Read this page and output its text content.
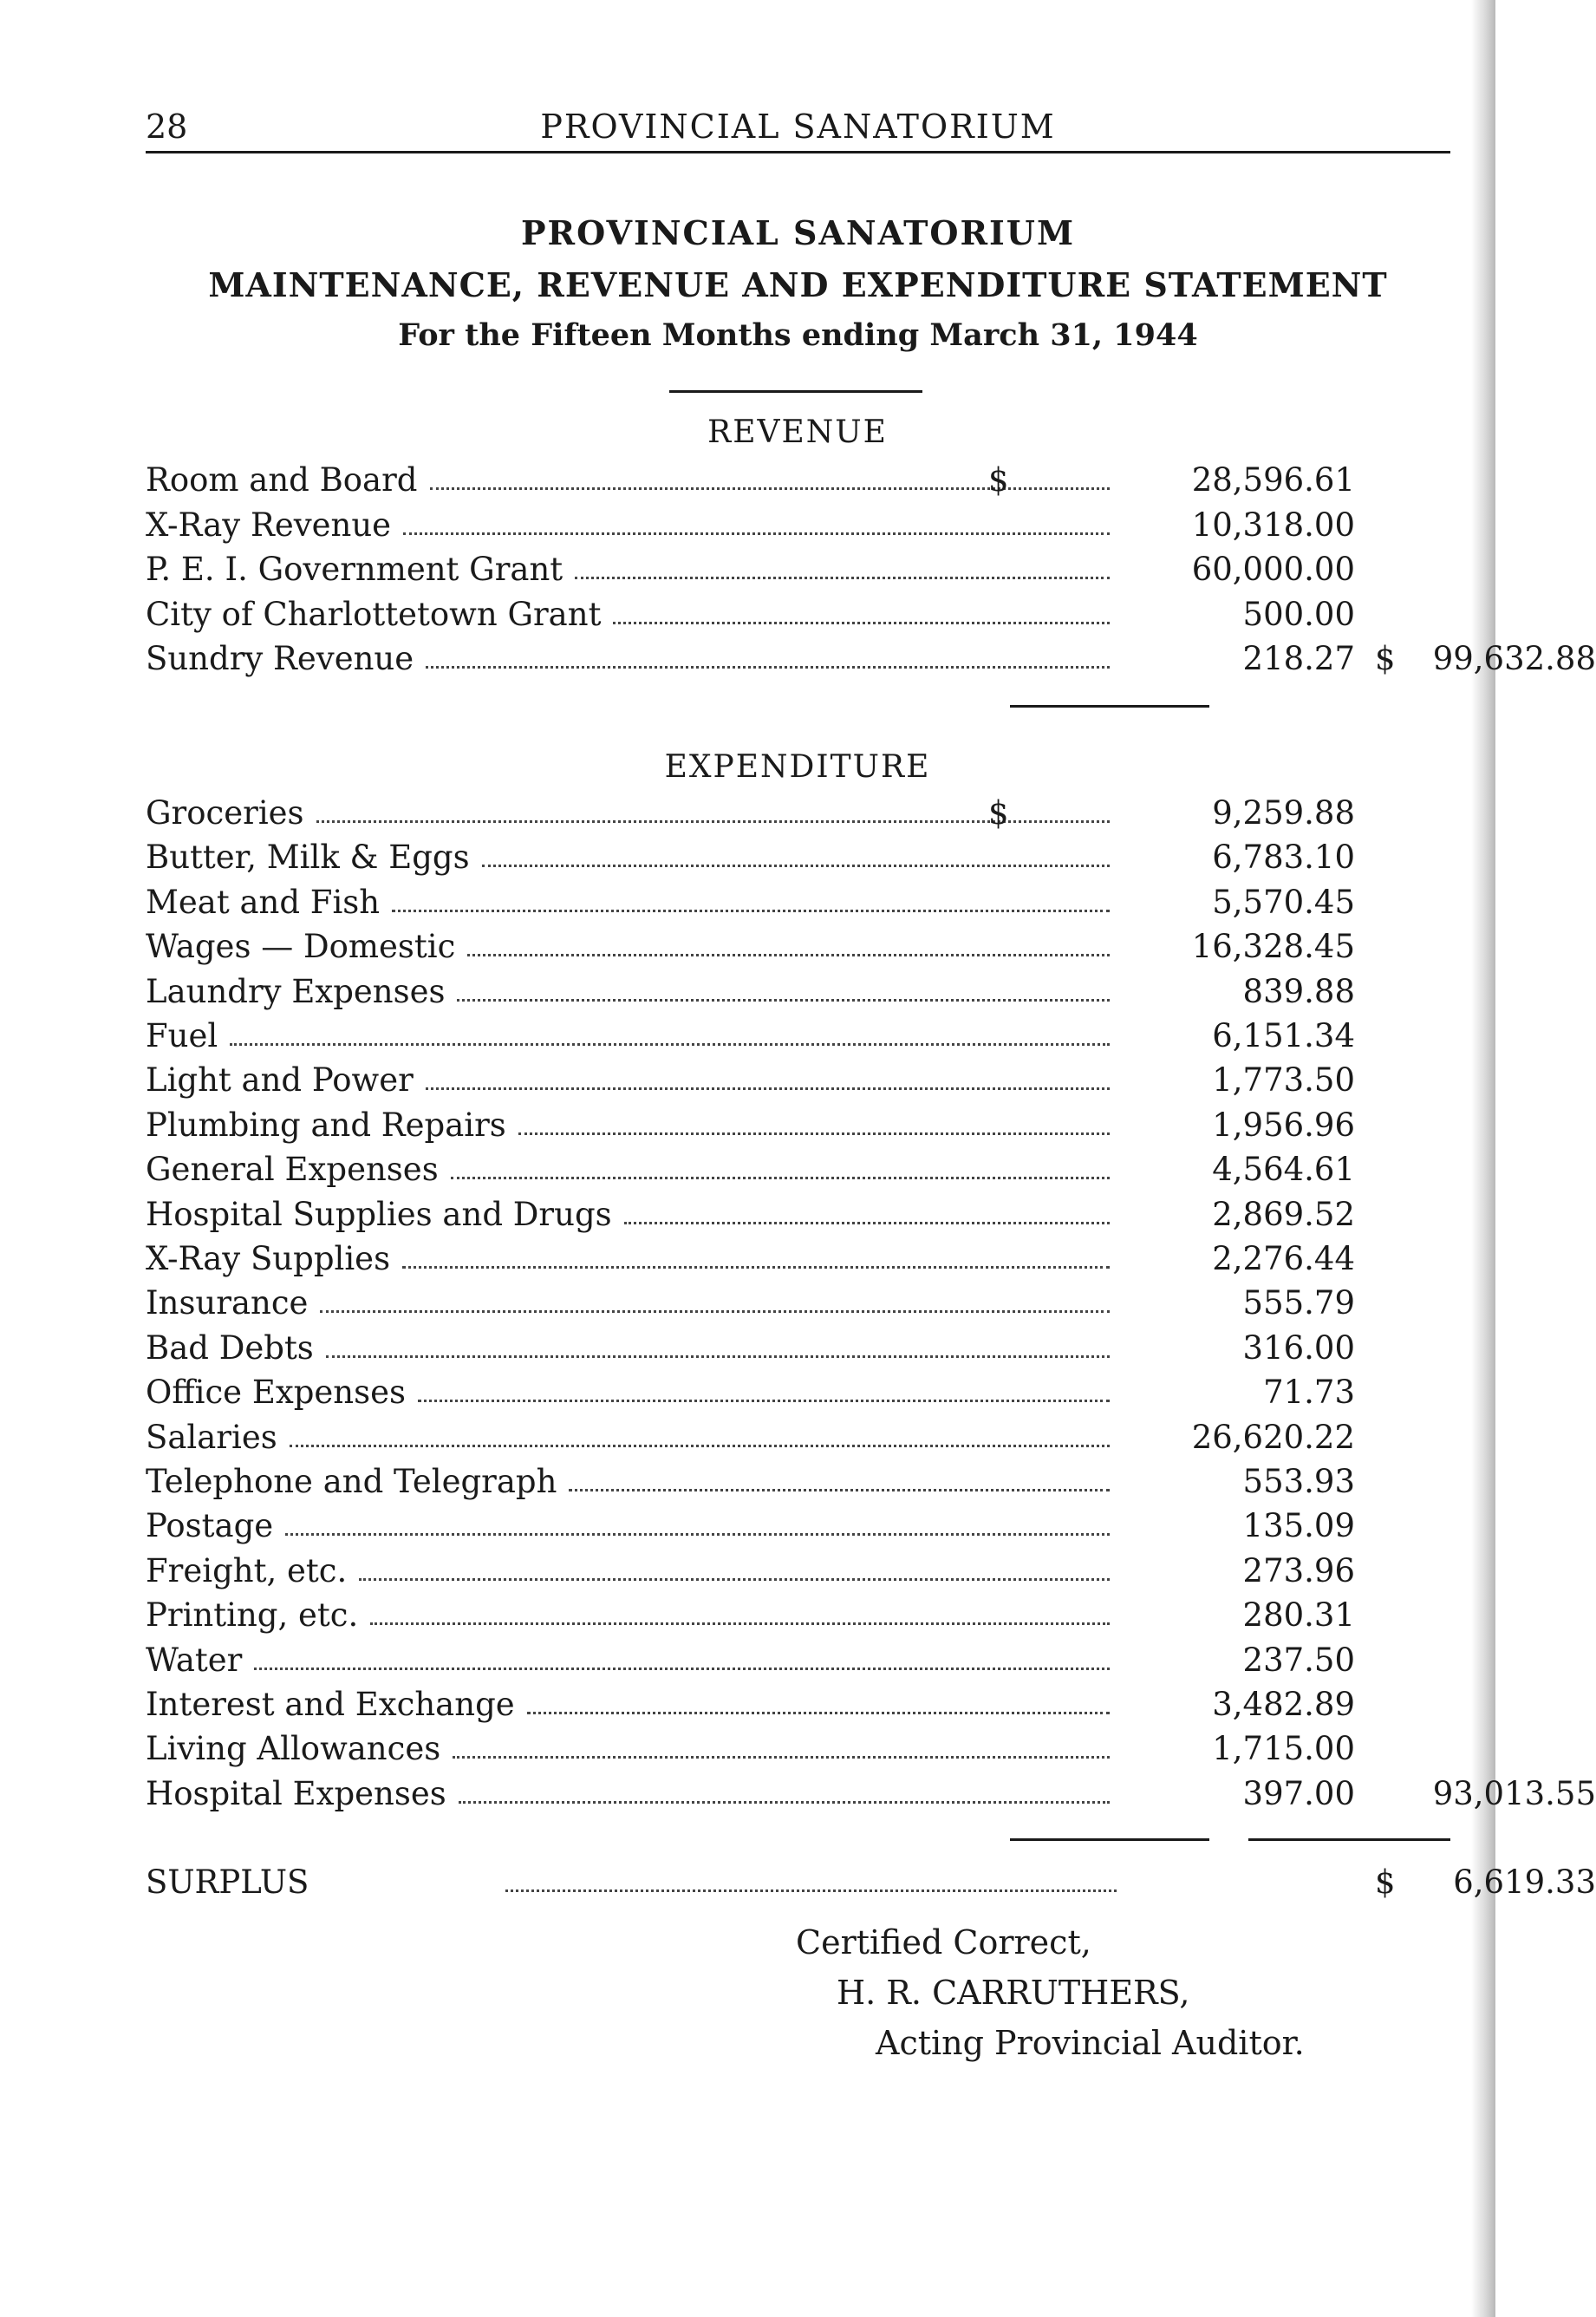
28	PROVINCIAL SANATORIUM
PROVINCIAL SANATORIUM
MAINTENANCE, REVENUE AND EXPENDITURE STATEMENT
For the Fifteen Months ending March 31, 1944
REVENUE
Room and Board	$	28,596.61
X-Ray Revenue	10,318.00
P. E. I. Government Grant	60,000.00
City of Charlottetown Grant	500.00
Sundry Revenue	218.27 $	99,632.88
EXPENDITURE
Groceries	$	9,259.88
Butter, Milk & Eggs	6,783.10
Meat and Fish	5,570.45
Wages — Domestic	16,328.45
Laundry Expenses	839.88
Fuel	6,151.34
Light and Power	1,773.50
Plumbing and Repairs	1,956.96
General Expenses	4,564.61
Hospital Supplies and Drugs	2,869.52
X-Ray Supplies	2,276.44
Insurance	555.79
Bad Debts	316.00
Office Expenses	71.73
Salaries	26,620.22
Telephone and Telegraph	553.93
Postage	135.09
Freight, etc.	273.96
Printing, etc.	280.31
Water	237.50
Interest and Exchange	3,482.89
Living Allowances	1,715.00
Hospital Expenses	397.00	93,013.55
SURPLUS	$	6,619.33
Certified Correct,
H. R. CARRUTHERS,
Acting Provincial Auditor.
